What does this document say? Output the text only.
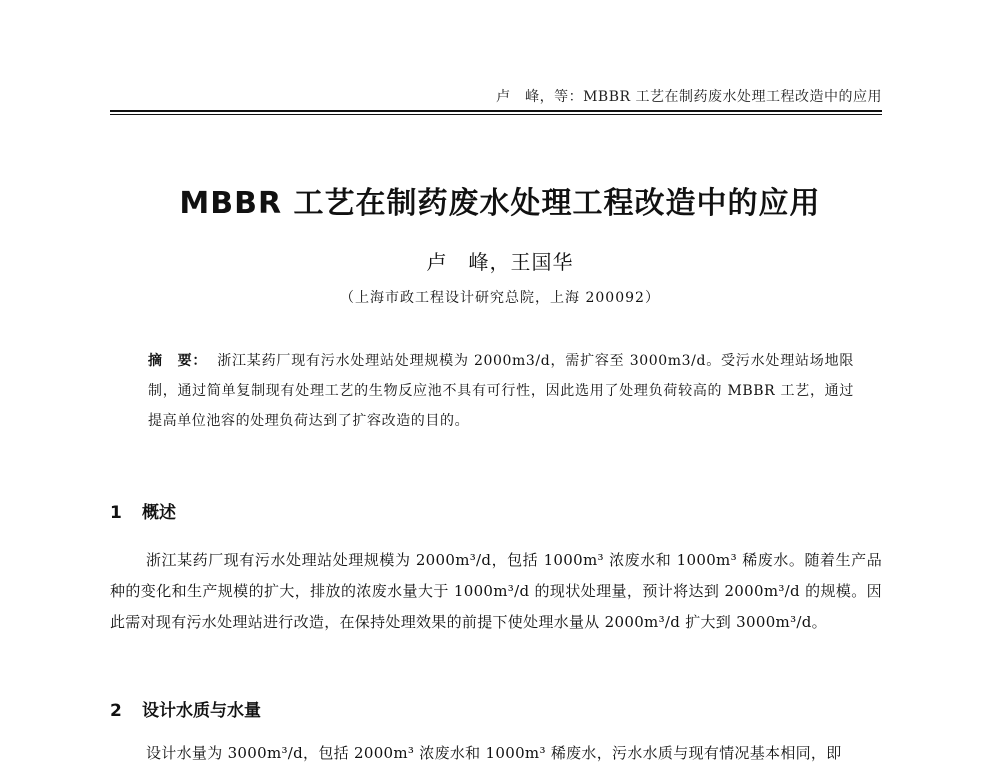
卢　峰，等：MBBR 工艺在制药废水处理工程改造中的应用
MBBR 工艺在制药废水处理工程改造中的应用

卢　峰，王国华

（上海市政工程设计研究总院，上海 200092）

摘　要： 浙江某药厂现有污水处理站处理规模为 2000m3/d，需扩容至 3000m3/d。受污水处理站场地限制，通过简单复制现有处理工艺的生物反应池不具有可行性，因此选用了处理负荷较高的 MBBR 工艺，通过提高单位池容的处理负荷达到了扩容改造的目的。

1 概述

浙江某药厂现有污水处理站处理规模为 2000m³/d，包括 1000m³ 浓废水和 1000m³ 稀废水。随着生产品种的变化和生产规模的扩大，排放的浓废水量大于 1000m³/d 的现状处理量，预计将达到 2000m³/d 的规模。因此需对现有污水处理站进行改造，在保持处理效果的前提下使处理水量从 2000m³/d 扩大到 3000m³/d。

2 设计水质与水量

设计水量为 3000m³/d，包括 2000m³ 浓废水和 1000m³ 稀废水，污水水质与现有情况基本相同，即
